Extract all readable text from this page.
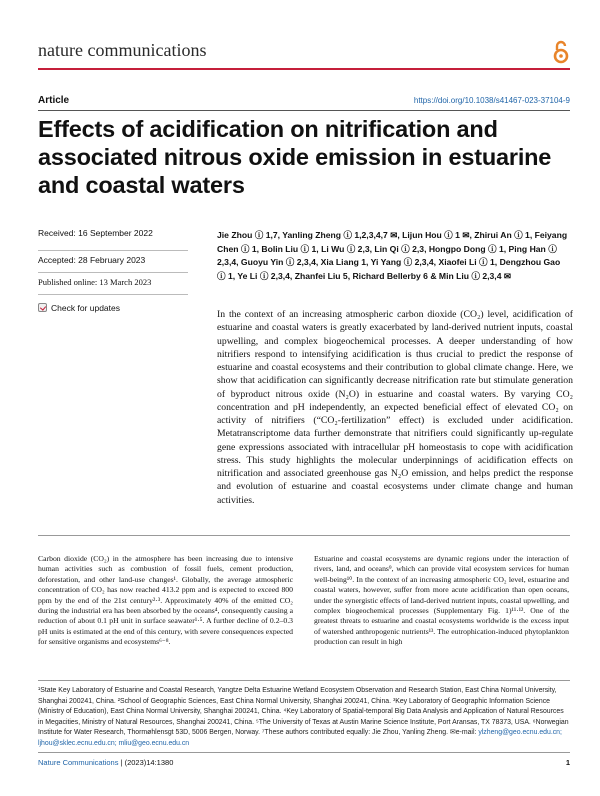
nature communications
Article	https://doi.org/10.1038/s41467-023-37104-9
Effects of acidification on nitrification and associated nitrous oxide emission in estuarine and coastal waters
Received: 16 September 2022
Accepted: 28 February 2023
Published online: 13 March 2023
Check for updates
Jie Zhou ⓘ 1,7, Yanling Zheng ⓘ 1,2,3,4,7 ✉, Lijun Hou ⓘ 1 ✉, Zhirui An ⓘ 1, Feiyang Chen ⓘ 1, Bolin Liu ⓘ 1, Li Wu ⓘ 2,3, Lin Qi ⓘ 2,3, Hongpo Dong ⓘ 1, Ping Han ⓘ 2,3,4, Guoyu Yin ⓘ 2,3,4, Xia Liang 1, Yi Yang ⓘ 2,3,4, Xiaofei Li ⓘ 1, Dengzhou Gao ⓘ 1, Ye Li ⓘ 2,3,4, Zhanfei Liu 5, Richard Bellerby 6 & Min Liu ⓘ 2,3,4 ✉

In the context of an increasing atmospheric carbon dioxide (CO₂) level, acidification of estuarine and coastal waters is greatly exacerbated by land-derived nutrient inputs, coastal upwelling, and complex biogeochemical processes. A deeper understanding of how nitrifiers respond to intensifying acidification is thus crucial to predict the response of estuarine and coastal ecosystems and their contribution to global climate change. Here, we show that acidification can significantly decrease nitrification rate but stimulate generation of byproduct nitrous oxide (N₂O) in estuarine and coastal waters. By varying CO₂ concentration and pH independently, an expected beneficial effect of elevated CO₂ on activity of nitrifiers (“CO₂-fertilization” effect) is excluded under acidification. Metatranscriptome data further demonstrate that nitrifiers could significantly up-regulate gene expressions associated with intracellular pH homeostasis to cope with acidification stress. This study highlights the molecular underpinnings of acidification effects on nitrification and associated greenhouse gas N₂O emission, and helps predict the response and evolution of estuarine and coastal ecosystems under climate change and human activities.

Carbon dioxide (CO₂) in the atmosphere has been increasing due to intensive human activities such as combustion of fossil fuels, cement production, deforestation, and other land-use changes¹. Globally, the average atmospheric concentration of CO₂ has now reached 413.2 ppm and is expected to exceed 800 ppm by the end of the 21st century²·³. Approximately 40% of the emitted CO₂ during the industrial era has been absorbed by the oceans⁴, consequently causing a reduction of about 0.1 pH unit in surface seawater¹·⁵. A further decline of 0.2–0.3 pH units is estimated at the end of this century, with severe consequences expected for sensitive organisms and ecosystems⁶⁻⁸.

Estuarine and coastal ecosystems are dynamic regions under the interaction of rivers, land, and oceans⁹, which can provide vital ecosystem services for human well-being¹⁰. In the context of an increasing atmospheric CO₂ level, estuarine and coastal waters, however, suffer from more acute acidification than open oceans, under the synergistic effects of land-derived nutrient inputs, coastal upwelling, and complex biogeochemical processes (Supplementary Fig. 1)¹¹·¹². One of the greatest threats to estuarine and coastal ecosystems worldwide is the excess input of watershed anthropogenic nutrients¹³. The eutrophication-induced phytoplankton production can result in high

¹State Key Laboratory of Estuarine and Coastal Research, Yangtze Delta Estuarine Wetland Ecosystem Observation and Research Station, East China Normal University, Shanghai 200241, China. ²School of Geographic Sciences, East China Normal University, Shanghai 200241, China. ³Key Laboratory of Geographic Information Science (Ministry of Education), East China Normal University, Shanghai 200241, China. ⁴Key Laboratory of Spatial-temporal Big Data Analysis and Application of Natural Resources in Megacities, Ministry of Natural Resources, Shanghai 200241, China. ⁵The University of Texas at Austin Marine Science Institute, Port Aransas, TX 78373, USA. ⁶Norwegian Institute for Water Research, Thormøhlensgt 53D, 5006 Bergen, Norway. ⁷These authors contributed equally: Jie Zhou, Yanling Zheng. ✉e-mail: ylzheng@geo.ecnu.edu.cn; ljhou@sklec.ecnu.edu.cn; mliu@geo.ecnu.edu.cn
Nature Communications | (2023)14:1380	1
